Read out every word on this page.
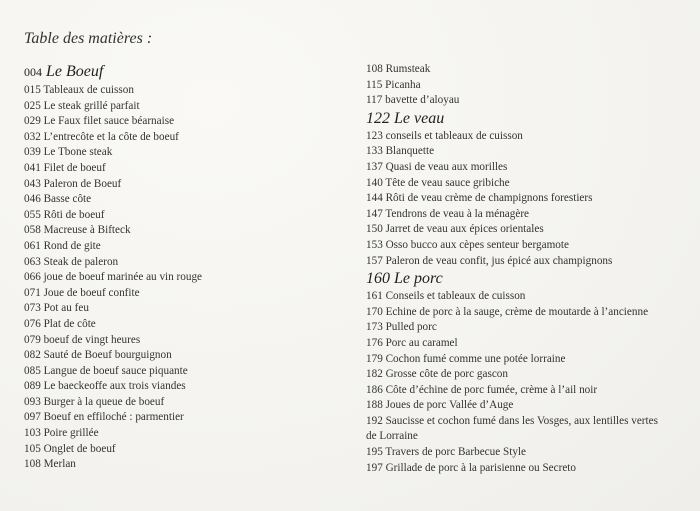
Table des matières :
004 Le Boeuf
015 Tableaux de cuisson
025 Le steak grillé parfait
029 Le Faux filet sauce béarnaise
032 L’entrecôte et la côte de boeuf
039 Le Tbone steak
041 Filet de boeuf
043 Paleron de Boeuf
046 Basse côte
055 Rôti de boeuf
058 Macreuse à Bifteck
061 Rond de gite
063 Steak de paleron
066 joue de boeuf marinée au vin rouge
071 Joue de boeuf confite
073 Pot au feu
076 Plat de côte
079 boeuf de vingt heures
082 Sauté de Boeuf bourguignon
085 Langue de boeuf sauce piquante
089 Le baeckeoffe aux trois viandes
093 Burger à la queue de boeuf
097 Boeuf en effiloché : parmentier
103 Poire grillée
105 Onglet de boeuf
108 Merlan
108 Rumsteak
115 Picanha
117 bavette d’aloyau
122 Le veau
123 conseils et tableaux de cuisson
133 Blanquette
137 Quasi de veau aux morilles
140 Tête de veau sauce gribiche
144 Rôti de veau crème de champignons forestiers
147 Tendrons de veau à la ménagère
150 Jarret de veau aux épices orientales
153 Osso bucco aux cèpes senteur bergamote
157 Paleron de veau confit, jus épicé aux champignons
160 Le porc
161 Conseils et tableaux de cuisson
170 Echine de porc à la sauge, crème de moutarde à l’ancienne
173 Pulled porc
176 Porc au caramel
179 Cochon fumé comme une potée lorraine
182 Grosse côte de porc gascon
186 Côte d’échine de porc fumée, crème à l’ail noir
188 Joues de porc Vallée d’Auge
192 Saucisse et cochon fumé dans les Vosges, aux lentilles vertes de Lorraine
195 Travers de porc Barbecue Style
197 Grillade de porc à la parisienne ou Secreto
